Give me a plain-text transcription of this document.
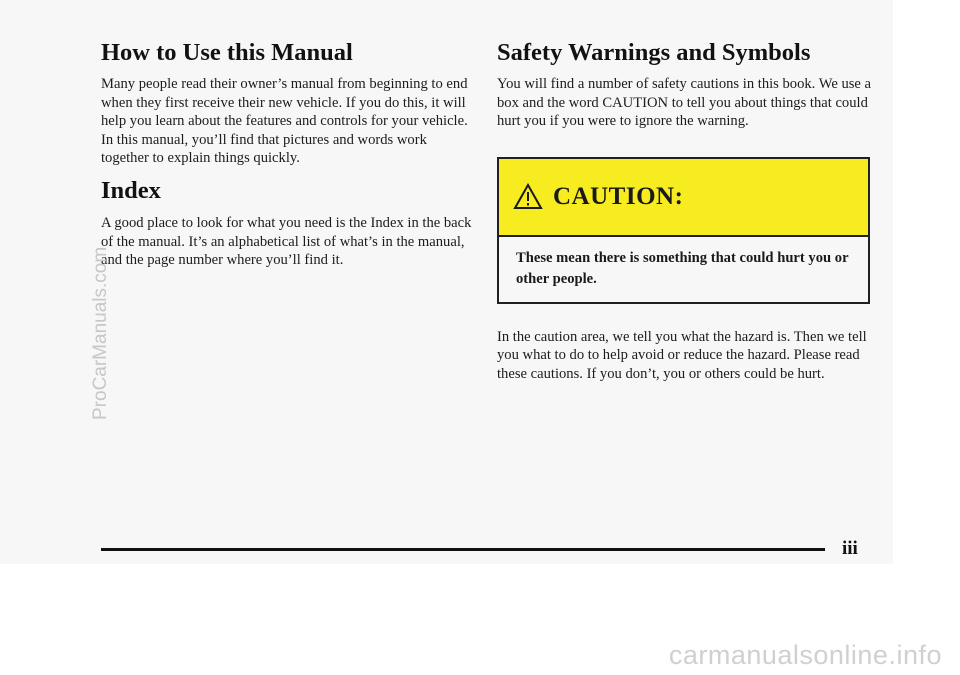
How to Use this Manual

Many people read their owner’s manual from beginning to end when they first receive their new vehicle. If you do this, it will help you learn about the features and controls for your vehicle. In this manual, you’ll find that pictures and words work together to explain things quickly.

Index

A good place to look for what you need is the Index in the back of the manual. It’s an alphabetical list of what’s in the manual, and the page number where you’ll find it.

Safety Warnings and Symbols

You will find a number of safety cautions in this book. We use a box and the word CAUTION to tell you about things that could hurt you if you were to ignore the warning.

CAUTION:
These mean there is something that could hurt you or other people.

In the caution area, we tell you what the hazard is. Then we tell you what to do to help avoid or reduce the hazard. Please read these cautions. If you don’t, you or others could be hurt.

iii
ProCarManuals.com
carmanualsonline.info
